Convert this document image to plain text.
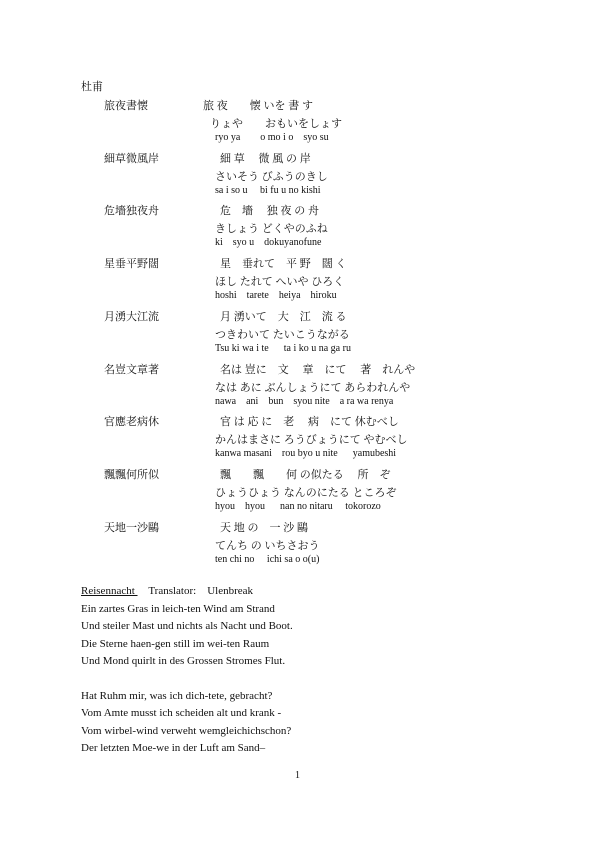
杜甫
旅夜書懐	旅 夜　　懐 いを 書 す
りょや　　おもいをしょす
ryo ya        o mo i o    syo su
細草微風岸	細 草　 微 風 の 岸
さいそう びふうのきし
sa i so u     bi fu u no kishi
危墻独夜舟	危　墻　 独 夜 の 舟
きしょう どくやのふね
ki    syo u    dokuyanofune
星垂平野闊	星　垂れて　平 野　闊 く
ほし たれて へいや ひろく
hoshi    tarete    heiya    hiroku
月湧大江流	月 湧いて　大　江　流 る
つきわいて たいこうながる
Tsu ki wa i te      ta i ko u na ga ru
名豈文章著	名は 豈に　文　 章　にて　 著　れんや
なは あに ぶんしょうにて あらわれんや
nawa    ani    bun    syou nite    a ra wa renya
官應老病休	官 は 応 に　老　 病　にて 休むべし
かんはまさに ろうびょうにて やむべし
kanwa masani    rou byo u nite      yamubeshi
飄飄何所似	飄　　飄　　何 の似たる　 所　ぞ
ひょうひょう なんのにたる ところぞ
hyou    hyou      nan no nitaru     tokorozo
天地一沙鷗	天 地 の　一 沙 鷗
てんち の いちさおう
ten chi no     ichi sa o o(u)
Reisennacht     Translator: Ulenbreak
Ein zartes Gras in leich-ten Wind am Strand
Und steiler Mast und nichts als Nacht und Boot.
Die Sterne haen-gen still im wei-ten Raum
Und Mond quirlt in des Grossen Stromes Flut.
Hat Ruhm mir, was ich dich-tete, gebracht?
Vom Amte musst ich scheiden alt und krank -
Vom wirbel-wind verweht wemgleichichschon?
Der letzten Moe-we in der Luft am Sand–
1
